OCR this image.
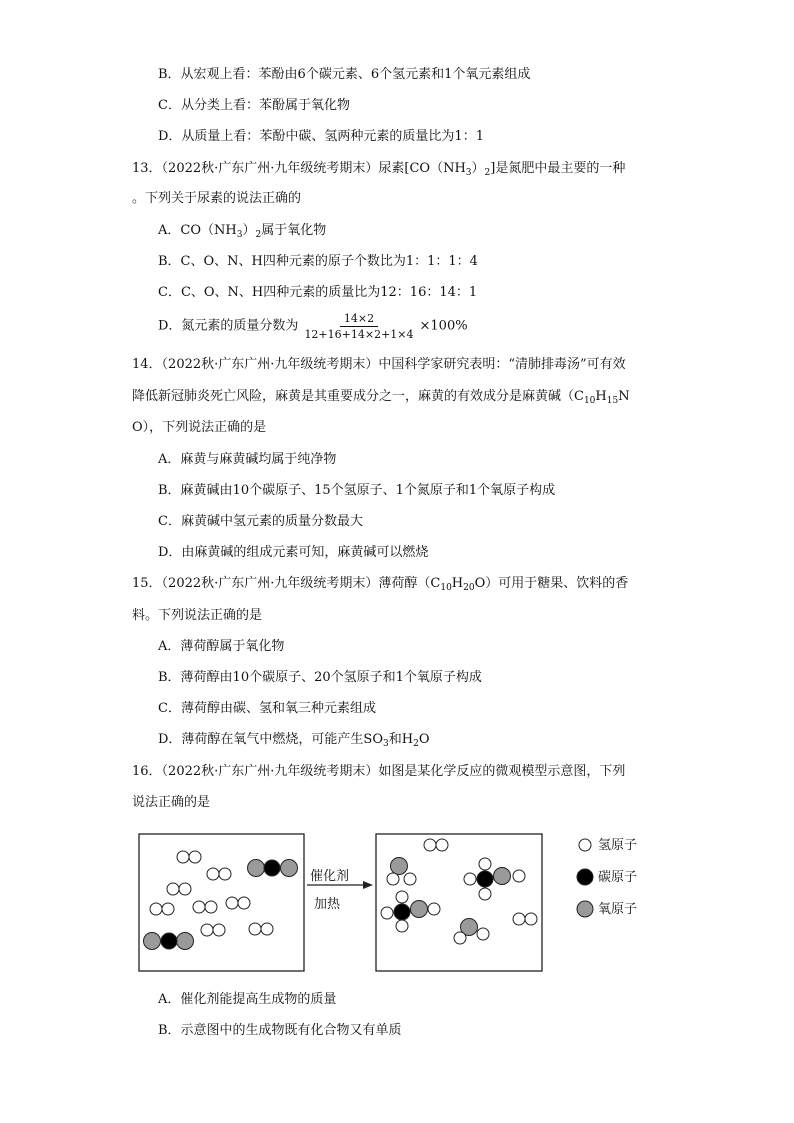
B．从宏观上看：苯酚由6个碳元素、6个氢元素和1个氧元素组成
C．从分类上看：苯酚属于氧化物
D．从质量上看：苯酚中碳、氢两种元素的质量比为1：1
13．（2022秋·广东广州·九年级统考期末）尿素$[CO(NH_3)_2]$是氮肥中最主要的一种
。下列关于尿素的说法正确的
A．$CO(NH_3)_2$属于氧化物
B．C、O、N、H四种元素的原子个数比为1：1：1：4
C．C、O、N、H四种元素的质量比为12：16：14：1
D．氮元素的质量分数为 $\frac{14\times 2}{12+16+14\times 2+1\times 4} \times 100\%$
14．（2022秋·广东广州·九年级统考期末）中国科学家研究表明：“清肺排毒汤”可有效
降低新冠肺炎死亡风险，麻黄是其重要成分之一，麻黄的有效成分是麻黄碱（$C_{10}H_{15}N$
O），下列说法正确的是
A．麻黄与麻黄碱均属于纯净物
B．麻黄碱由10个碳原子、15个氢原子、1个氮原子和1个氧原子构成
C．麻黄碱中氢元素的质量分数最大
D．由麻黄碱的组成元素可知，麻黄碱可以燃烧
15．（2022秋·广东广州·九年级统考期末）薄荷醇$(C_{10}H_{20}O)$可用于糖果、饮料的香
料。下列说法正确的是
A．薄荷醇属于氧化物
B．薄荷醇由10个碳原子、20个氢原子和1个氧原子构成
C．薄荷醇由碳、氢和氧三种元素组成
D．薄荷醇在氧气中燃烧，可能产生$SO_3$和$H_2O$
16．（2022秋·广东广州·九年级统考期末）如图是某化学反应的微观模型示意图，下列
说法正确的是
催化剂
加热
氢原子
碳原子
氧原子
A．催化剂能提高生成物的质量
B．示意图中的生成物既有化合物又有单质
